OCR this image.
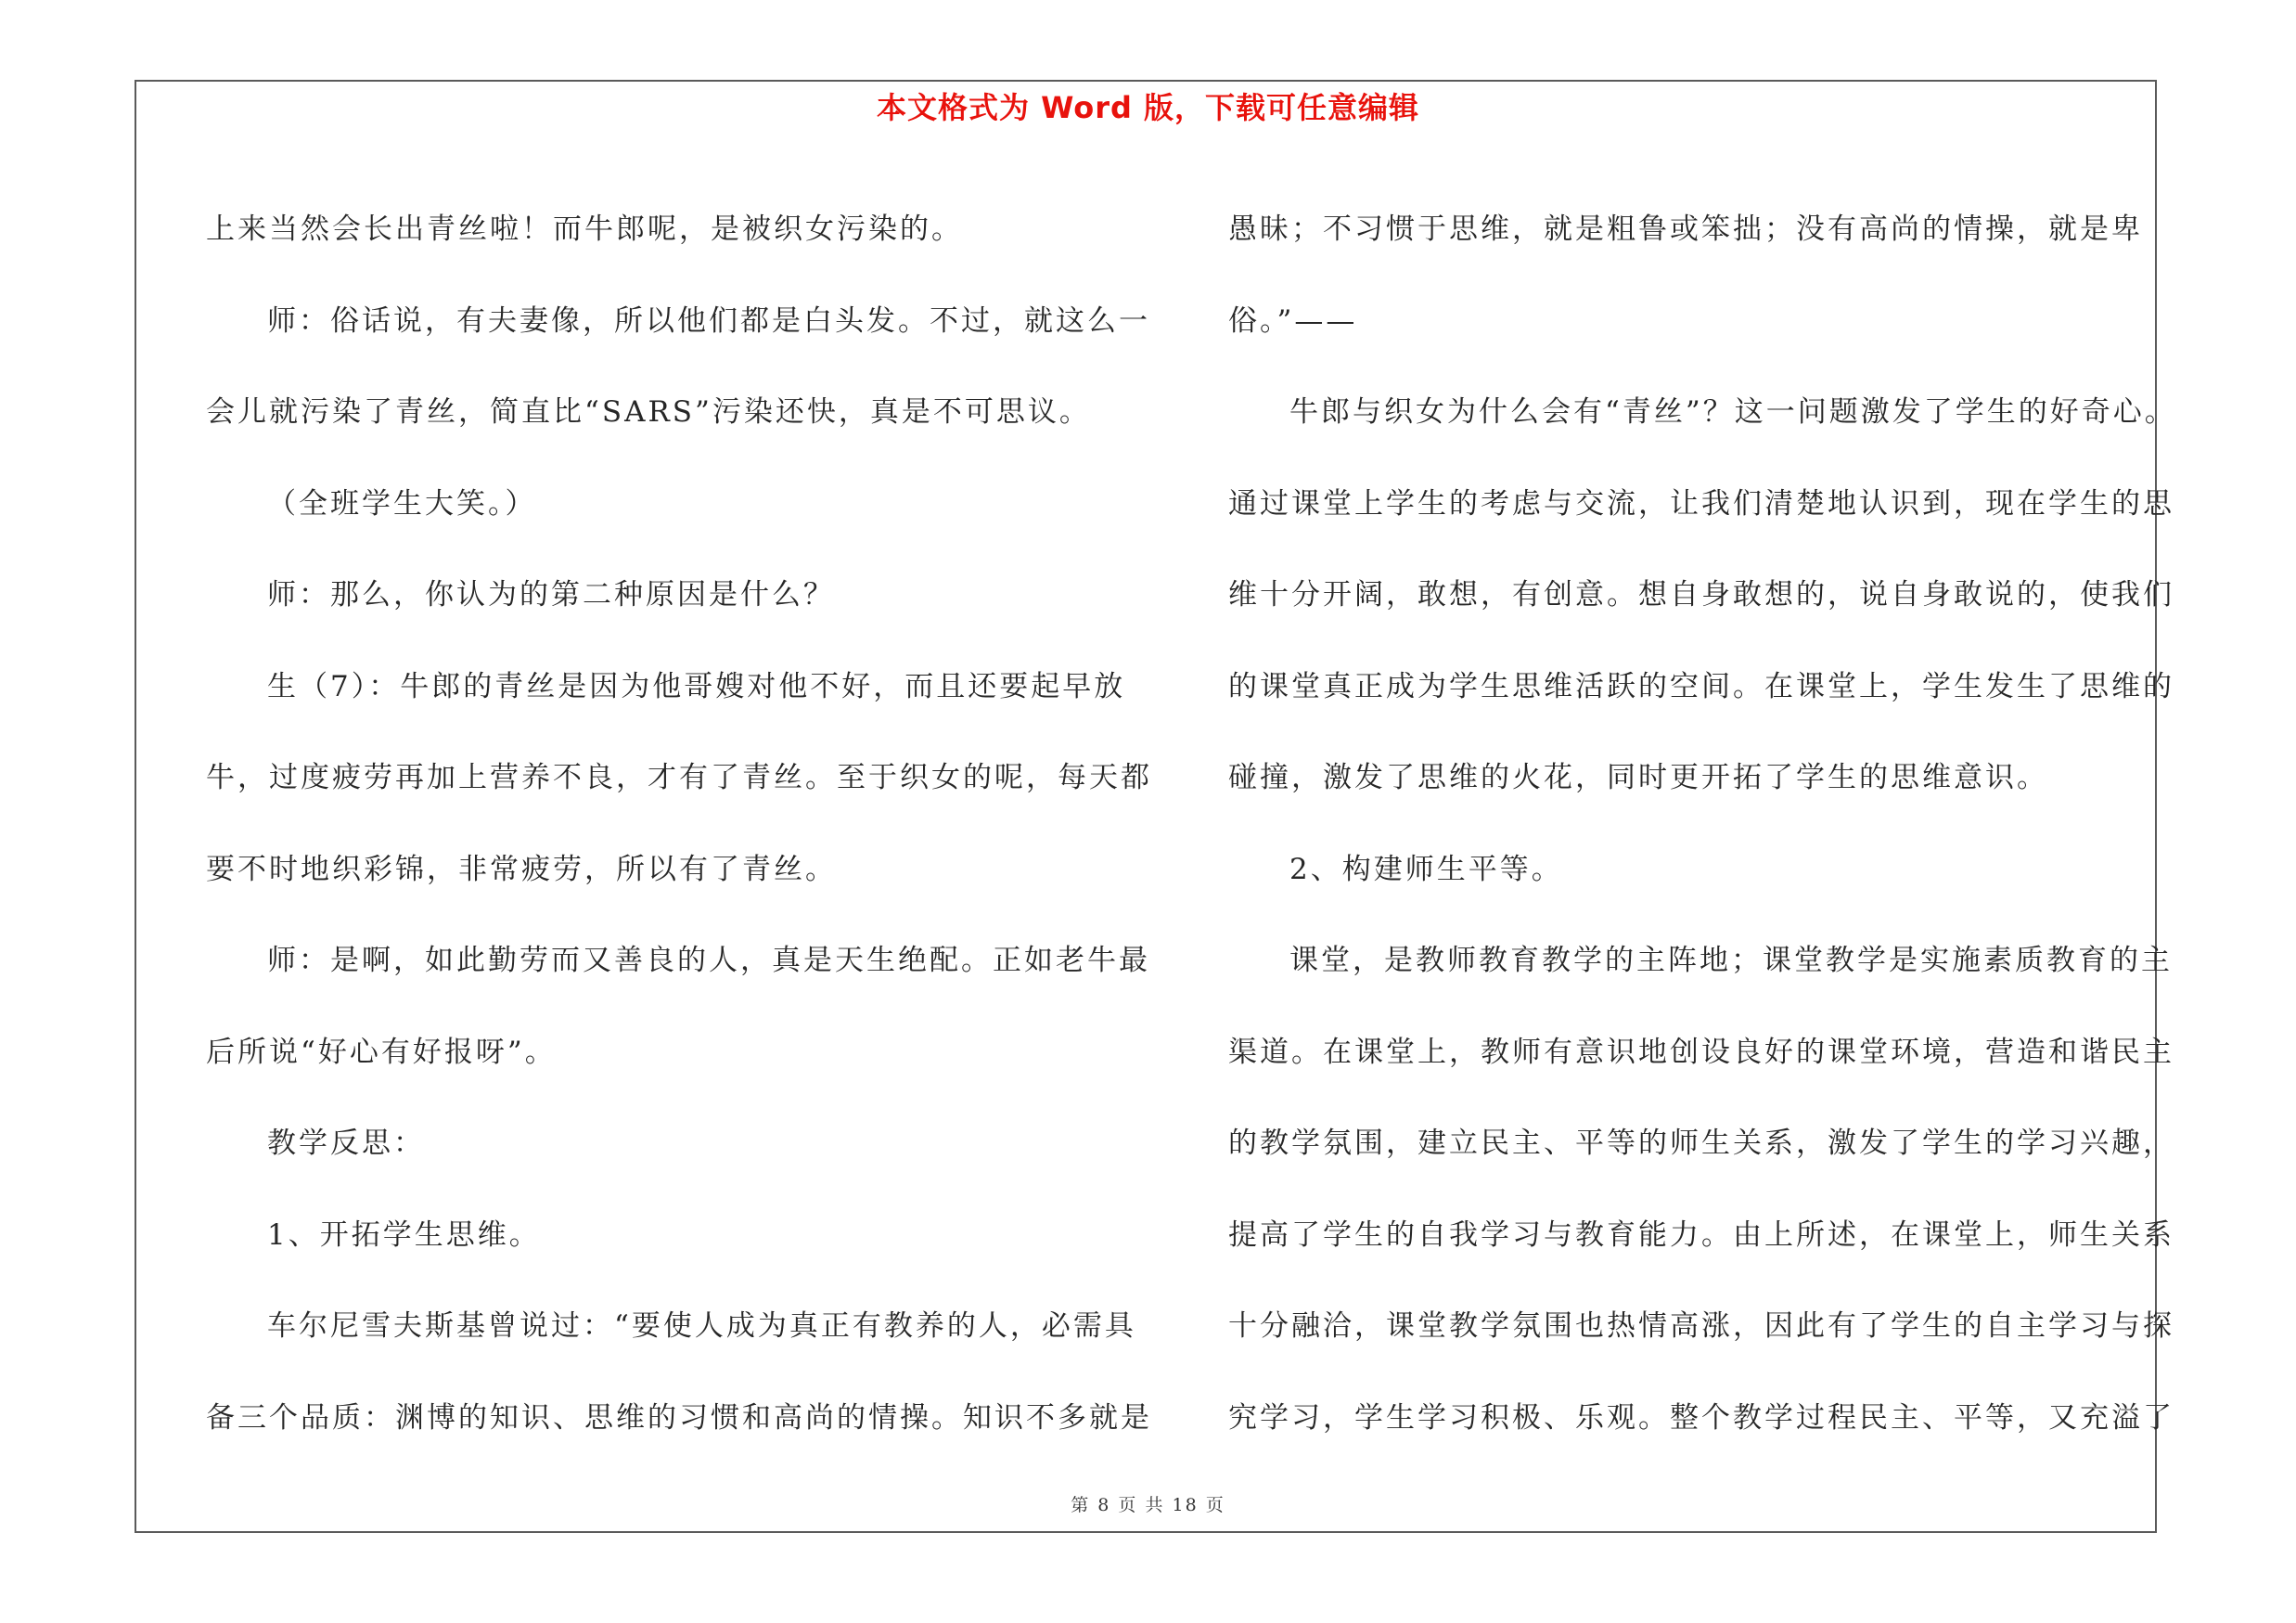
本文格式为 Word 版，下载可任意编辑

上来当然会长出青丝啦！而牛郎呢，是被织女污染的。

师：俗话说，有夫妻像，所以他们都是白头发。不过，就这么一

会儿就污染了青丝，简直比“SARS”污染还快，真是不可思议。

（全班学生大笑。）

师：那么，你认为的第二种原因是什么？

生（7）：牛郎的青丝是因为他哥嫂对他不好，而且还要起早放

牛，过度疲劳再加上营养不良，才有了青丝。至于织女的呢，每天都

要不时地织彩锦，非常疲劳，所以有了青丝。

师：是啊，如此勤劳而又善良的人，真是天生绝配。正如老牛最

后所说“好心有好报呀”。

教学反思：

1、开拓学生思维。

车尔尼雪夫斯基曾说过：“要使人成为真正有教养的人，必需具

备三个品质：渊博的知识、思维的习惯和高尚的情操。知识不多就是

愚昧；不习惯于思维，就是粗鲁或笨拙；没有高尚的情操，就是卑

俗。”——

牛郎与织女为什么会有“青丝”？这一问题激发了学生的好奇心。

通过课堂上学生的考虑与交流，让我们清楚地认识到，现在学生的思

维十分开阔，敢想，有创意。想自身敢想的，说自身敢说的，使我们

的课堂真正成为学生思维活跃的空间。在课堂上，学生发生了思维的

碰撞，激发了思维的火花，同时更开拓了学生的思维意识。

2、构建师生平等。

课堂，是教师教育教学的主阵地；课堂教学是实施素质教育的主

渠道。在课堂上，教师有意识地创设良好的课堂环境，营造和谐民主

的教学氛围，建立民主、平等的师生关系，激发了学生的学习兴趣，

提高了学生的自我学习与教育能力。由上所述，在课堂上，师生关系

十分融洽，课堂教学氛围也热情高涨，因此有了学生的自主学习与探

究学习，学生学习积极、乐观。整个教学过程民主、平等，又充溢了

第 8 页 共 18 页
